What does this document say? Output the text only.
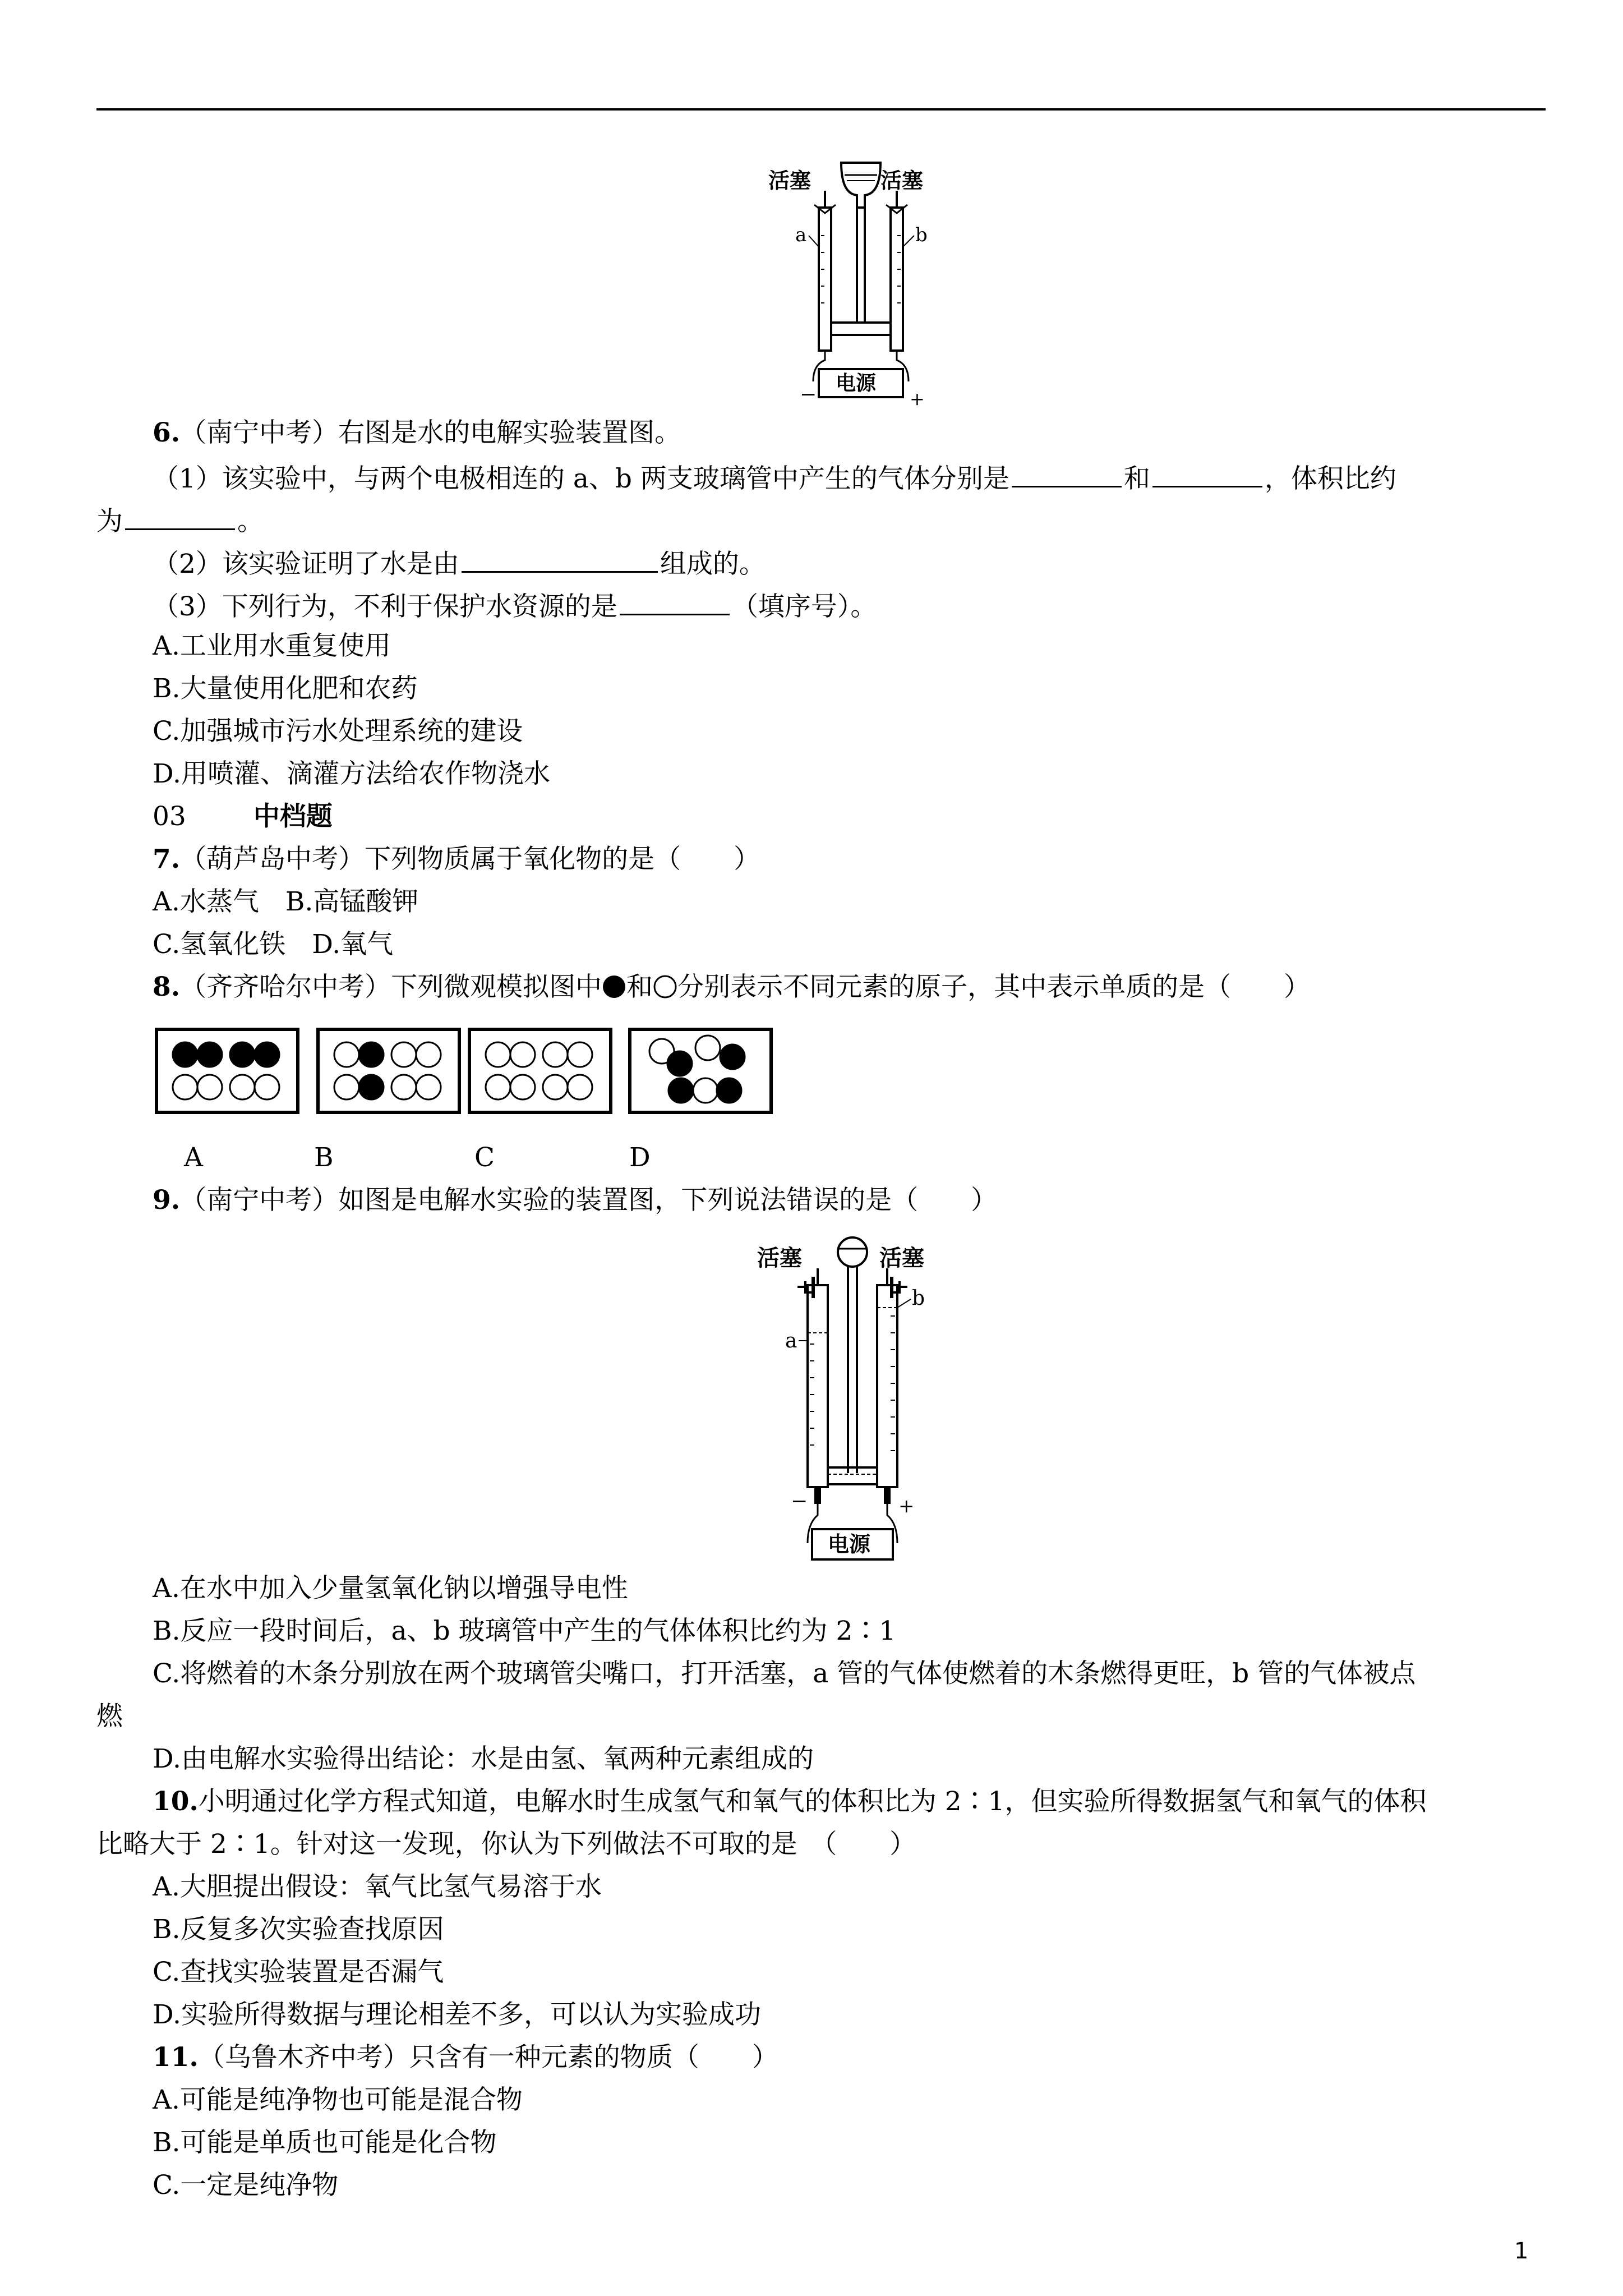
活塞	活塞
a	b
电源
−	+
6.（南宁中考）右图是水的电解实验装置图。
（1）该实验中，与两个电极相连的 a、b 两支玻璃管中产生的气体分别是	和	，体积比约
为	。
（2）该实验证明了水是由	组成的。
（3）下列行为，不利于保护水资源的是	（填序号）。
A.工业用水重复使用
B.大量使用化肥和农药
C.加强城市污水处理系统的建设
D.用喷灌、滴灌方法给农作物浇水
03	中档题
7.（葫芦岛中考）下列物质属于氧化物的是（　　）
A.水蒸气　B.高锰酸钾
C.氢氧化铁　D.氧气
8.（齐齐哈尔中考）下列微观模拟图中 和 分别表示不同元素的原子，其中表示单质的是（　　）
A	B	C	D
9.（南宁中考）如图是电解水实验的装置图，下列说法错误的是（　　）
活塞	活塞
a
b
−	+
电源
A.在水中加入少量氢氧化钠以增强导电性
B.反应一段时间后，a、b 玻璃管中产生的气体体积比约为 2∶1
C.将燃着的木条分别放在两个玻璃管尖嘴口，打开活塞，a 管的气体使燃着的木条燃得更旺，b 管的气体被点
燃
D.由电解水实验得出结论：水是由氢、氧两种元素组成的
10.小明通过化学方程式知道，电解水时生成氢气和氧气的体积比为 2∶1，但实验所得数据氢气和氧气的体积
比略大于 2∶1。针对这一发现，你认为下列做法不可取的是　（　　）
A.大胆提出假设：氧气比氢气易溶于水
B.反复多次实验查找原因
C.查找实验装置是否漏气
D.实验所得数据与理论相差不多，可以认为实验成功
11.（乌鲁木齐中考）只含有一种元素的物质（　　）
A.可能是纯净物也可能是混合物
B.可能是单质也可能是化合物
C.一定是纯净物
1
